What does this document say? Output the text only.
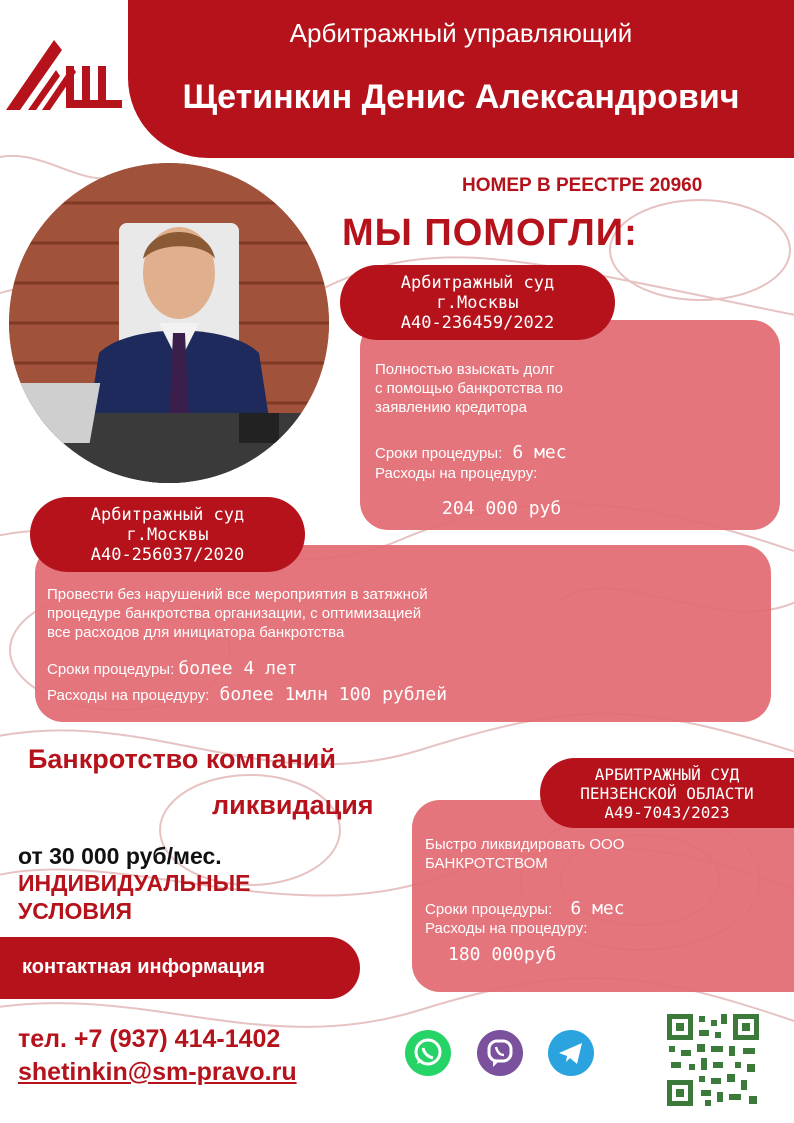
Арбитражный управляющий
Щетинкин Денис Александрович
НОМЕР В РЕЕСТРЕ 20960
МЫ ПОМОГЛИ:
Арбитражный суд
г.Москвы
А40-236459/2022
Полностью взыскать долг
с помощью банкротства по
заявлению кредитора
Сроки процедуры: 6 мес
Расходы на процедуру:
204 000 руб
Арбитражный суд
г.Москвы
А40-256037/2020
Провести без нарушений все мероприятия в затяжной
процедуре банкротства организации, с оптимизацией
все расходов для инициатора банкротства
Сроки процедуры: более 4 лет
Расходы на процедуру: более 1млн 100 рублей
Банкротство компаний
ликвидация
от 30 000 руб/мес.
ИНДИВИДУАЛЬНЫЕ
УСЛОВИЯ
АРБИТРАЖНЫЙ СУД
ПЕНЗЕНСКОЙ ОБЛАСТИ
А49-7043/2023
Быстро ликвидировать ООО
БАНКРОТСТВОМ
Сроки процедуры: 6 мес
Расходы на процедуру:
180 000руб
контактная информация
тел. +7 (937) 414-1402
shetinkin@sm-pravo.ru
